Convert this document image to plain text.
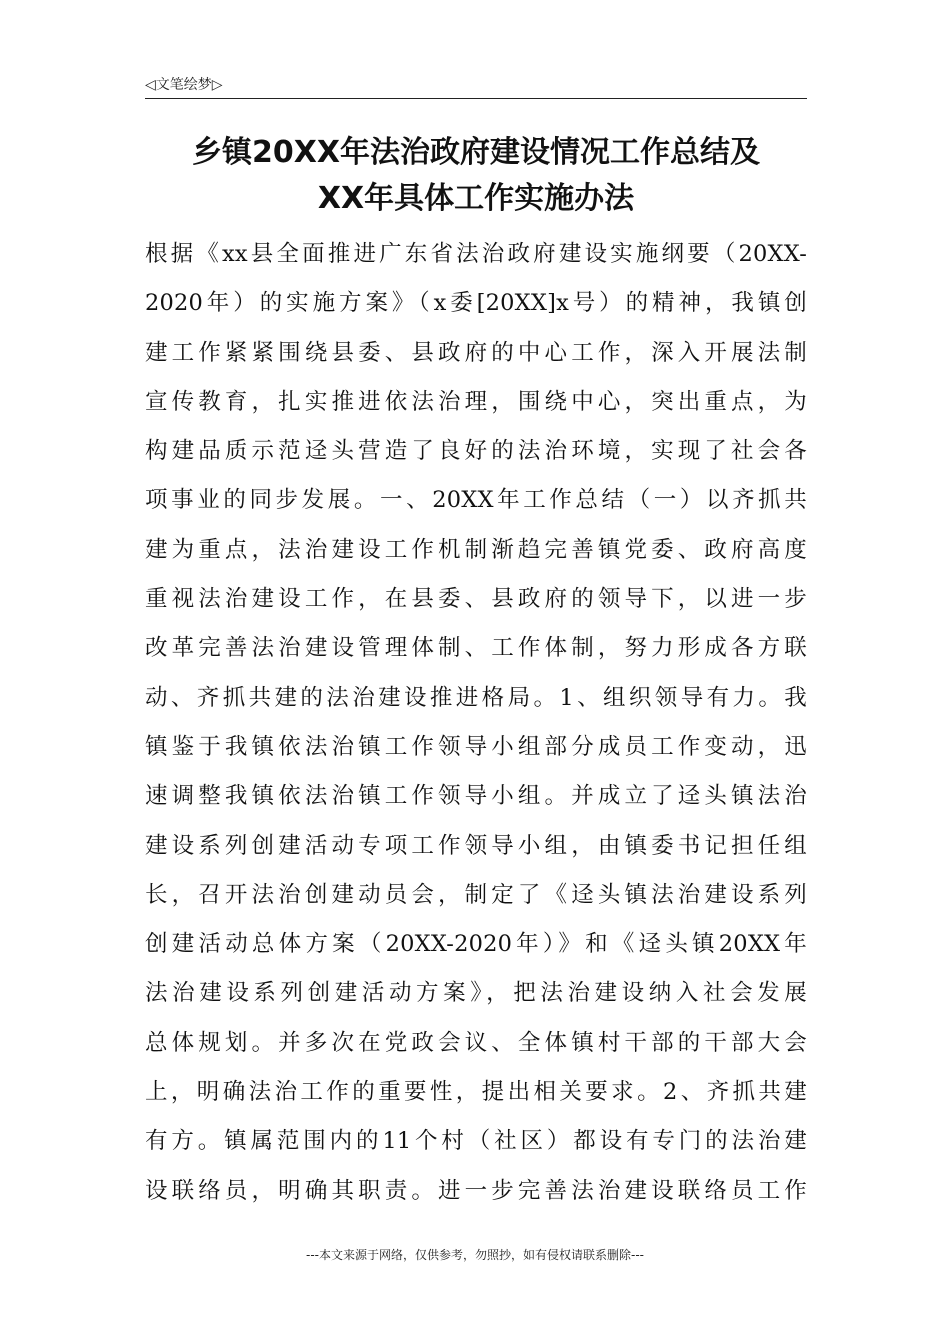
◁文笔绘梦▷
乡镇20XX年法治政府建设情况工作总结及
XX年具体工作实施办法
根据《xx县全面推进广东省法治政府建设实施纲要（20XX-
2020年）的实施方案》（x委[20XX]x号）的精神，我镇创
建工作紧紧围绕县委、县政府的中心工作，深入开展法制
宣传教育，扎实推进依法治理，围绕中心，突出重点，为
构建品质示范迳头营造了良好的法治环境，实现了社会各
项事业的同步发展。一、20XX年工作总结（一）以齐抓共
建为重点，法治建设工作机制渐趋完善镇党委、政府高度
重视法治建设工作，在县委、县政府的领导下，以进一步
改革完善法治建设管理体制、工作体制，努力形成各方联
动、齐抓共建的法治建设推进格局。1、组织领导有力。我
镇鉴于我镇依法治镇工作领导小组部分成员工作变动，迅
速调整我镇依法治镇工作领导小组。并成立了迳头镇法治
建设系列创建活动专项工作领导小组，由镇委书记担任组
长，召开法治创建动员会，制定了《迳头镇法治建设系列
创建活动总体方案（20XX-2020年）》和《迳头镇20XX年
法治建设系列创建活动方案》，把法治建设纳入社会发展
总体规划。并多次在党政会议、全体镇村干部的干部大会
上，明确法治工作的重要性，提出相关要求。2、齐抓共建
有方。镇属范围内的11个村（社区）都设有专门的法治建
设联络员，明确其职责。进一步完善法治建设联络员工作
---本文来源于网络，仅供参考，勿照抄，如有侵权请联系删除---
